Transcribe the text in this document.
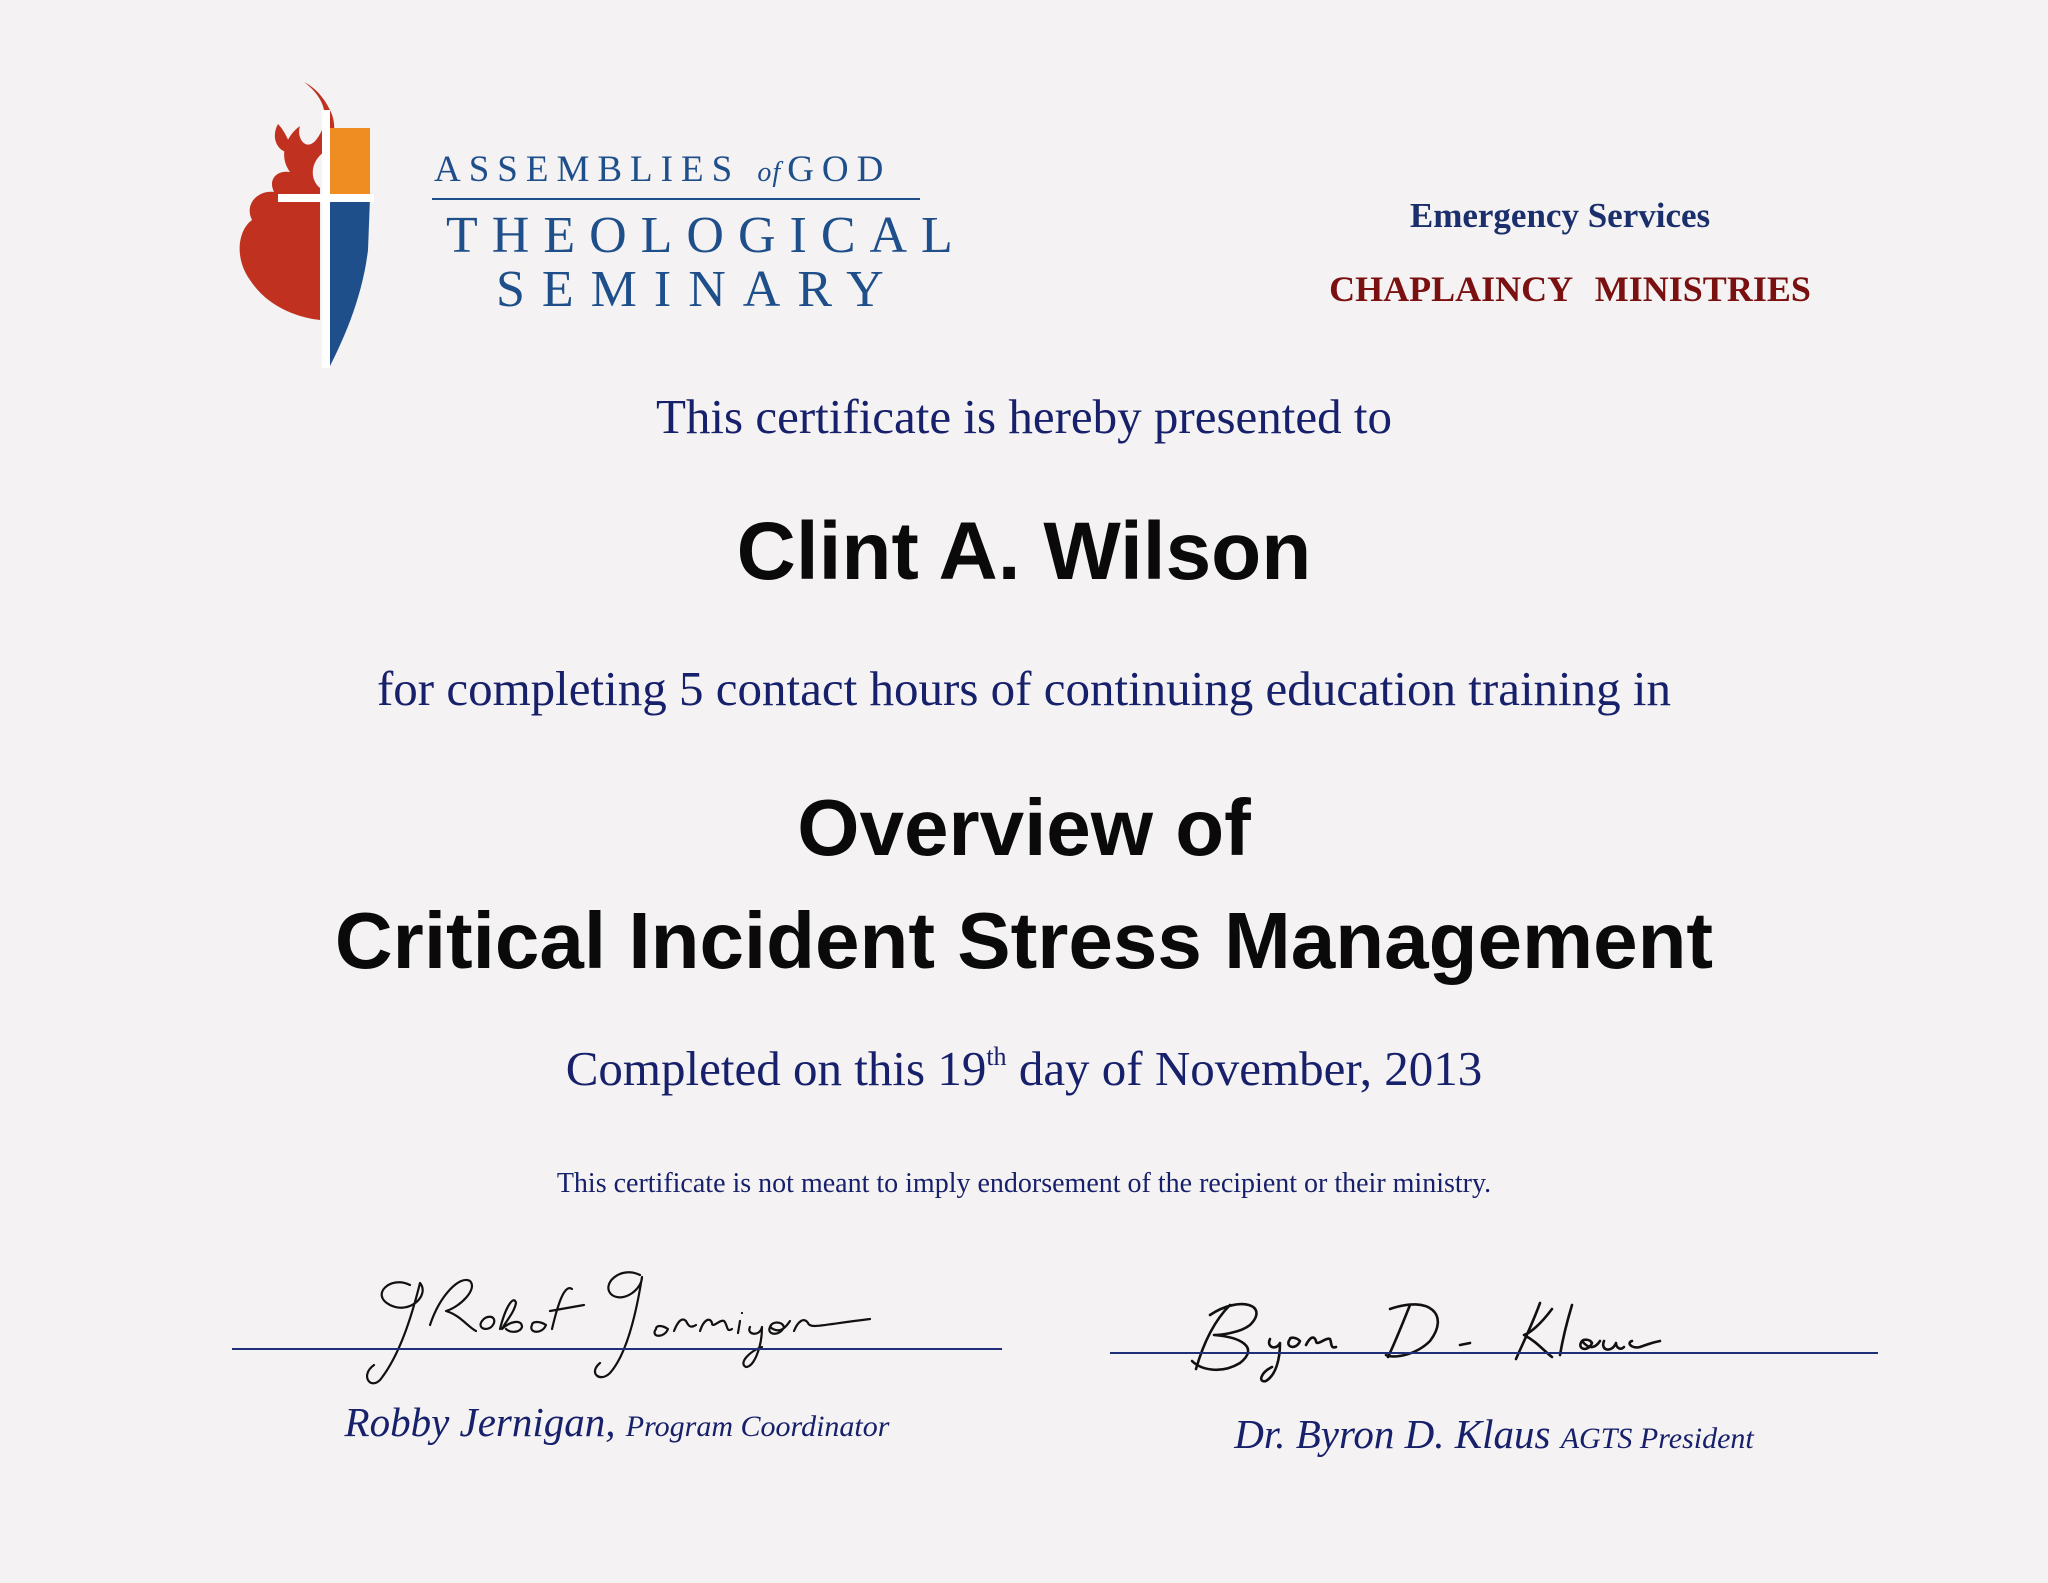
ASSEMBLIES of GOD
THEOLOGICAL
SEMINARY
Emergency Services
CHAPLAINCY MINISTRIES
This certificate is hereby presented to
Clint A. Wilson
for completing 5 contact hours of continuing education training in
Overview of
Critical Incident Stress Management
Completed on this 19th day of November, 2013
This certificate is not meant to imply endorsement of the recipient or their ministry.
Robby Jernigan, Program Coordinator	Dr. Byron D. Klaus AGTS President
